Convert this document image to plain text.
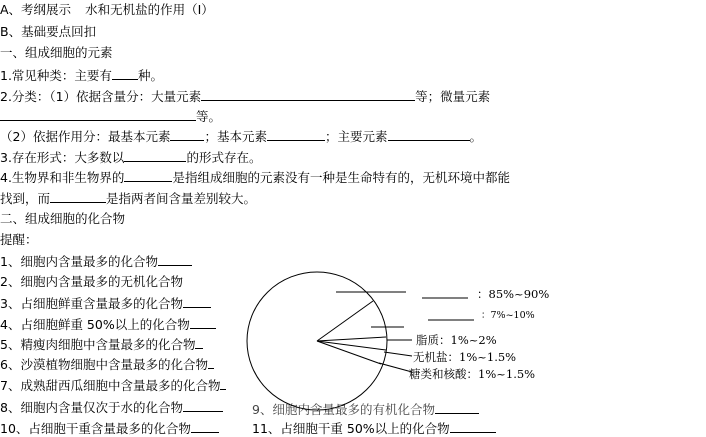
A、考纲展示 水和无机盐的作用（Ⅰ）
B、基础要点回扣
一、组成细胞的元素
1.常见种类：主要有 种。
2.分类：（1）依据含量分：大量元素	等；微量元素
等。
（2）依据作用分：最基本元素	；基本元素	；主要元素	。
3.存在形式：大多数以	的形式存在。
4.生物界和非生物界的	是指组成细胞的元素没有一种是生命特有的，无机环境中都能
找到，而	是指两者间含量差别较大。
二、组成细胞的化合物
提醒：
1、细胞内含量最多的化合物
2、细胞内含量最多的无机化合物
3、占细胞鲜重含量最多的化合物
4、占细胞鲜重 50%以上的化合物
5、精瘦肉细胞中含量最多的化合物
6、沙漠植物细胞中含量最多的化合物
7、成熟甜西瓜细胞中含量最多的化合物
8、细胞内含量仅次于水的化合物
10、占细胞干重含量最多的化合物
9、细胞内含量最多的有机化合物
11、占细胞干重 50%以上的化合物
：85%~90%
：7%~10%
脂质：1%~2%
无机盐：1%~1.5%
糖类和核酸：1%~1.5%
